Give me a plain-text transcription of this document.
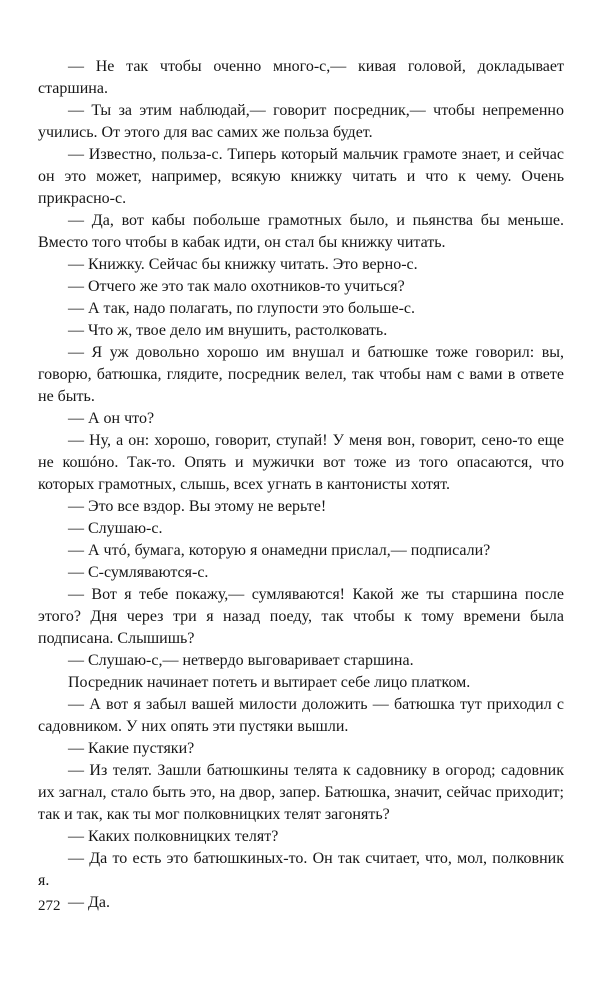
— Не так чтобы оченно много-с,— кивая головой, докладывает старшина.

— Ты за этим наблюдай,— говорит посредник,— чтобы непременно учились. От этого для вас самих же польза будет.

— Известно, польза-с. Типерь который мальчик грамоте знает, и сейчас он это может, например, всякую книжку читать и что к чему. Очень прикрасно-с.

— Да, вот кабы побольше грамотных было, и пьянства бы меньше. Вместо того чтобы в кабак идти, он стал бы книжку читать.

— Книжку. Сейчас бы книжку читать. Это верно-с.

— Отчего же это так мало охотников-то учиться?

— А так, надо полагать, по глупости это больше-с.

— Что ж, твое дело им внушить, растолковать.

— Я уж довольно хорошо им внушал и батюшке тоже говорил: вы, говорю, батюшка, глядите, посредник велел, так чтобы нам с вами в ответе не быть.

— А он что?

— Ну, а он: хорошо, говорит, ступай! У меня вон, говорит, сено-то еще не кошóно. Так-то. Опять и мужички вот тоже из того опасаются, что которых грамотных, слышь, всех угнать в кантонисты хотят.

— Это все вздор. Вы этому не верьте!

— Слушаю-с.

— А чтó, бумага, которую я онамедни прислал,— подписали?

— С-сумляваются-с.

— Вот я тебе покажу,— сумляваются! Какой же ты старшина после этого? Дня через три я назад поеду, так чтобы к тому времени была подписана. Слышишь?

— Слушаю-с,— нетвердо выговаривает старшина.

Посредник начинает потеть и вытирает себе лицо платком.

— А вот я забыл вашей милости доложить — батюшка тут приходил с садовником. У них опять эти пустяки вышли.

— Какие пустяки?

— Из телят. Зашли батюшкины телята к садовнику в огород; садовник их загнал, стало быть это, на двор, запер. Батюшка, значит, сейчас приходит; так и так, как ты мог полковницких телят загонять?

— Каких полковницких телят?

— Да то есть это батюшкиных-то. Он так считает, что, мол, полковник я.

— Да.

272
